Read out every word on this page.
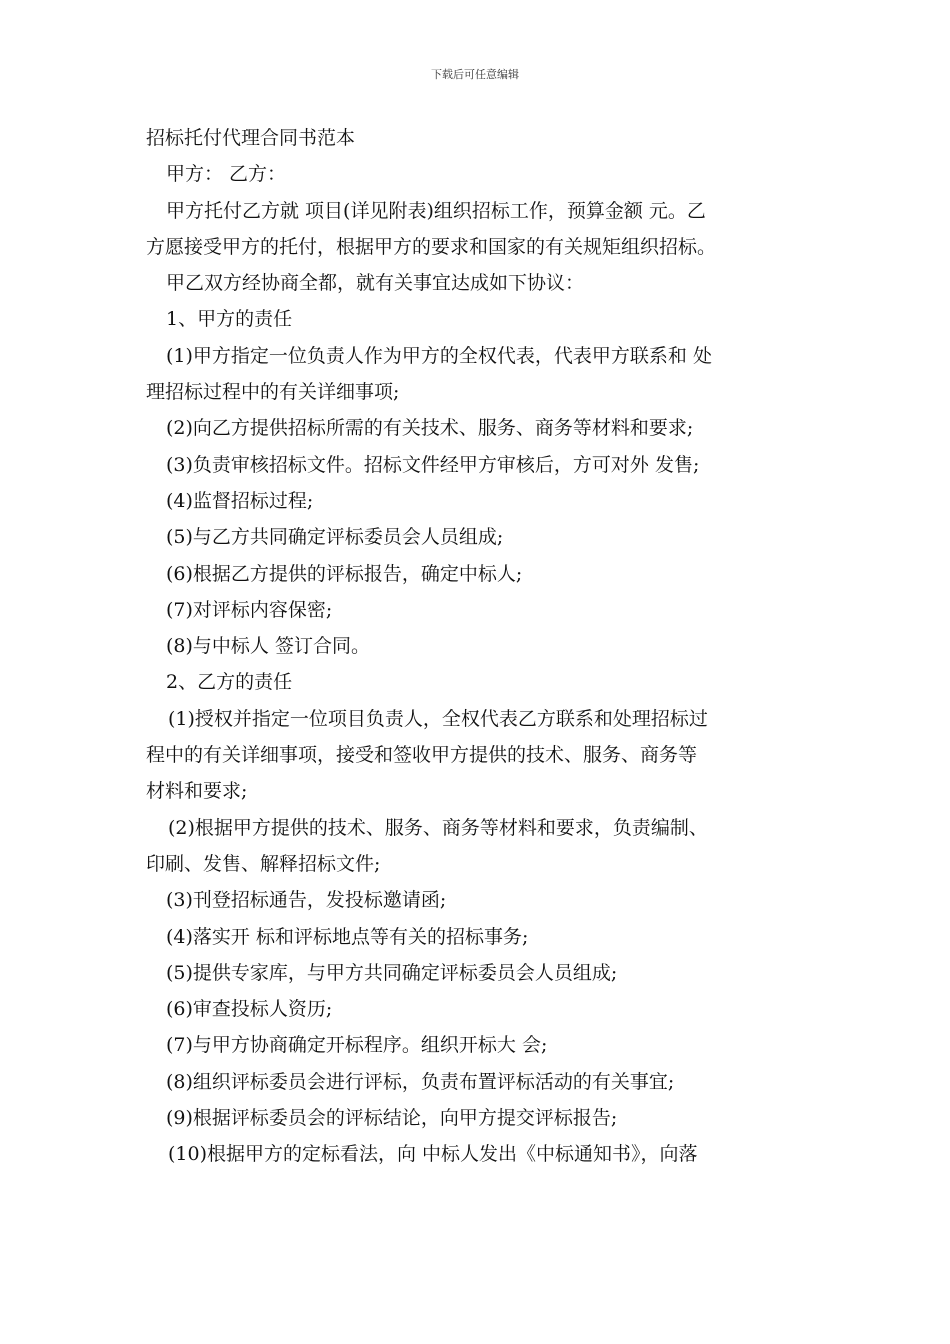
下载后可任意编辑
招标托付代理合同书范本
甲方： 乙方：
甲方托付乙方就 项目(详见附表)组织招标工作，预算金额 元。乙
方愿接受甲方的托付，根据甲方的要求和国家的有关规矩组织招标。
甲乙双方经协商全都，就有关事宜达成如下协议：
1、甲方的责任
(1)甲方指定一位负责人作为甲方的全权代表，代表甲方联系和 处
理招标过程中的有关详细事项;
(2)向乙方提供招标所需的有关技术、服务、商务等材料和要求;
(3)负责审核招标文件。招标文件经甲方审核后，方可对外 发售;
(4)监督招标过程;
(5)与乙方共同确定评标委员会人员组成;
(6)根据乙方提供的评标报告，确定中标人;
(7)对评标内容保密;
(8)与中标人 签订合同。
2、乙方的责任
(1)授权并指定一位项目负责人，全权代表乙方联系和处理招标过
程中的有关详细事项，接受和签收甲方提供的技术、服务、商务等
材料和要求;
(2)根据甲方提供的技术、服务、商务等材料和要求，负责编制、
印刷、发售、解释招标文件;
(3)刊登招标通告，发投标邀请函;
(4)落实开 标和评标地点等有关的招标事务;
(5)提供专家库，与甲方共同确定评标委员会人员组成;
(6)审查投标人资历;
(7)与甲方协商确定开标程序。组织开标大 会;
(8)组织评标委员会进行评标，负责布置评标活动的有关事宜;
(9)根据评标委员会的评标结论，向甲方提交评标报告;
(10)根据甲方的定标看法，向 中标人发出《中标通知书》，向落
